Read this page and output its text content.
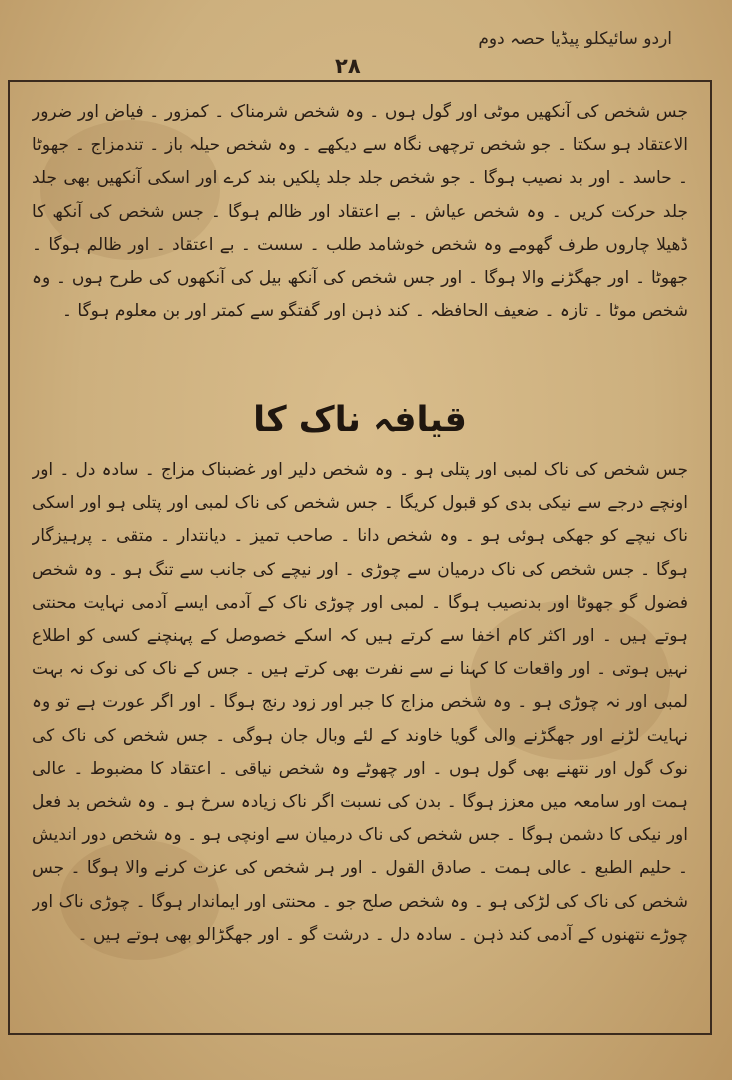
اردو سائیکلو پیڈیا حصہ دوم
۲۸
جس شخص کی آنکھیں موٹی اور گول ہوں ۔ وہ شخص شرمناک ۔ کمزور ۔ فیاض اور ضرور الاعتقاد ہو سکتا ۔ جو شخص ترچھی نگاہ سے دیکھے ۔ وہ شخص حیلہ باز ۔ تندمزاج ۔ جھوٹا ۔ حاسد ۔ اور بد نصیب ہوگا ۔ جو شخص جلد جلد پلکیں بند کرے اور اسکی آنکھیں بھی جلد جلد حرکت کریں ۔ وہ شخص عیاش ۔ بے اعتقاد اور ظالم ہوگا ۔ جس شخص کی آنکھ کا ڈھیلا چاروں طرف گھومے وہ شخص خوشامد طلب ۔ سست ۔ بے اعتقاد ۔ اور ظالم ہوگا ۔ جھوٹا ۔ اور جھگڑنے والا ہوگا ۔ اور جس شخص کی آنکھ بیل کی آنکھوں کی طرح ہوں ۔ وہ شخص موٹا ۔ تازہ ۔ ضعیف الحافظہ ۔ کند ذہن اور گفتگو سے کمتر اور بن معلوم ہوگا ۔
قیافہ ناک کا
جس شخص کی ناک لمبی اور پتلی ہو ۔ وہ شخص دلیر اور غضبناک مزاج ۔ سادہ دل ۔ اور اونچے درجے سے نیکی بدی کو قبول کریگا ۔ جس شخص کی ناک لمبی اور پتلی ہو اور اسکی ناک نیچے کو جھکی ہوئی ہو ۔ وہ شخص دانا ۔ صاحب تمیز ۔ دیانتدار ۔ متقی ۔ پرہیزگار ہوگا ۔ جس شخص کی ناک درمیان سے چوڑی ۔ اور نیچے کی جانب سے تنگ ہو ۔ وہ شخص فضول گو جھوٹا اور بدنصیب ہوگا ۔ لمبی اور چوڑی ناک کے آدمی ایسے آدمی نہایت محنتی ہوتے ہیں ۔ اور اکثر کام اخفا سے کرتے ہیں کہ اسکے خصوصل کے پہنچنے کسی کو اطلاع نہیں ہوتی ۔ اور واقعات کا کہنا نے سے نفرت بھی کرتے ہیں ۔ جس کے ناک کی نوک نہ بہت لمبی اور نہ چوڑی ہو ۔ وہ شخص مزاج کا جبر اور زود رنج ہوگا ۔ اور اگر عورت ہے تو وہ نہایت لڑنے اور جھگڑنے والی گویا خاوند کے لئے وبال جان ہوگی ۔ جس شخص کی ناک کی نوک گول اور نتھنے بھی گول ہوں ۔ اور چھوٹے وہ شخص نیاقی ۔ اعتقاد کا مضبوط ۔ عالی ہمت اور سامعہ میں معزز ہوگا ۔ بدن کی نسبت اگر ناک زیادہ سرخ ہو ۔ وہ شخص بد فعل اور نیکی کا دشمن ہوگا ۔ جس شخص کی ناک درمیان سے اونچی ہو ۔ وہ شخص دور اندیش ۔ حلیم الطبع ۔ عالی ہمت ۔ صادق القول ۔ اور ہر شخص کی عزت کرنے والا ہوگا ۔ جس شخص کی ناک کی لڑکی ہو ۔ وہ شخص صلح جو ۔ محنتی اور ایماندار ہوگا ۔ چوڑی ناک اور چوڑے نتھنوں کے آدمی کند ذہن ۔ سادہ دل ۔ درشت گو ۔ اور جھگڑالو بھی ہوتے ہیں ۔
